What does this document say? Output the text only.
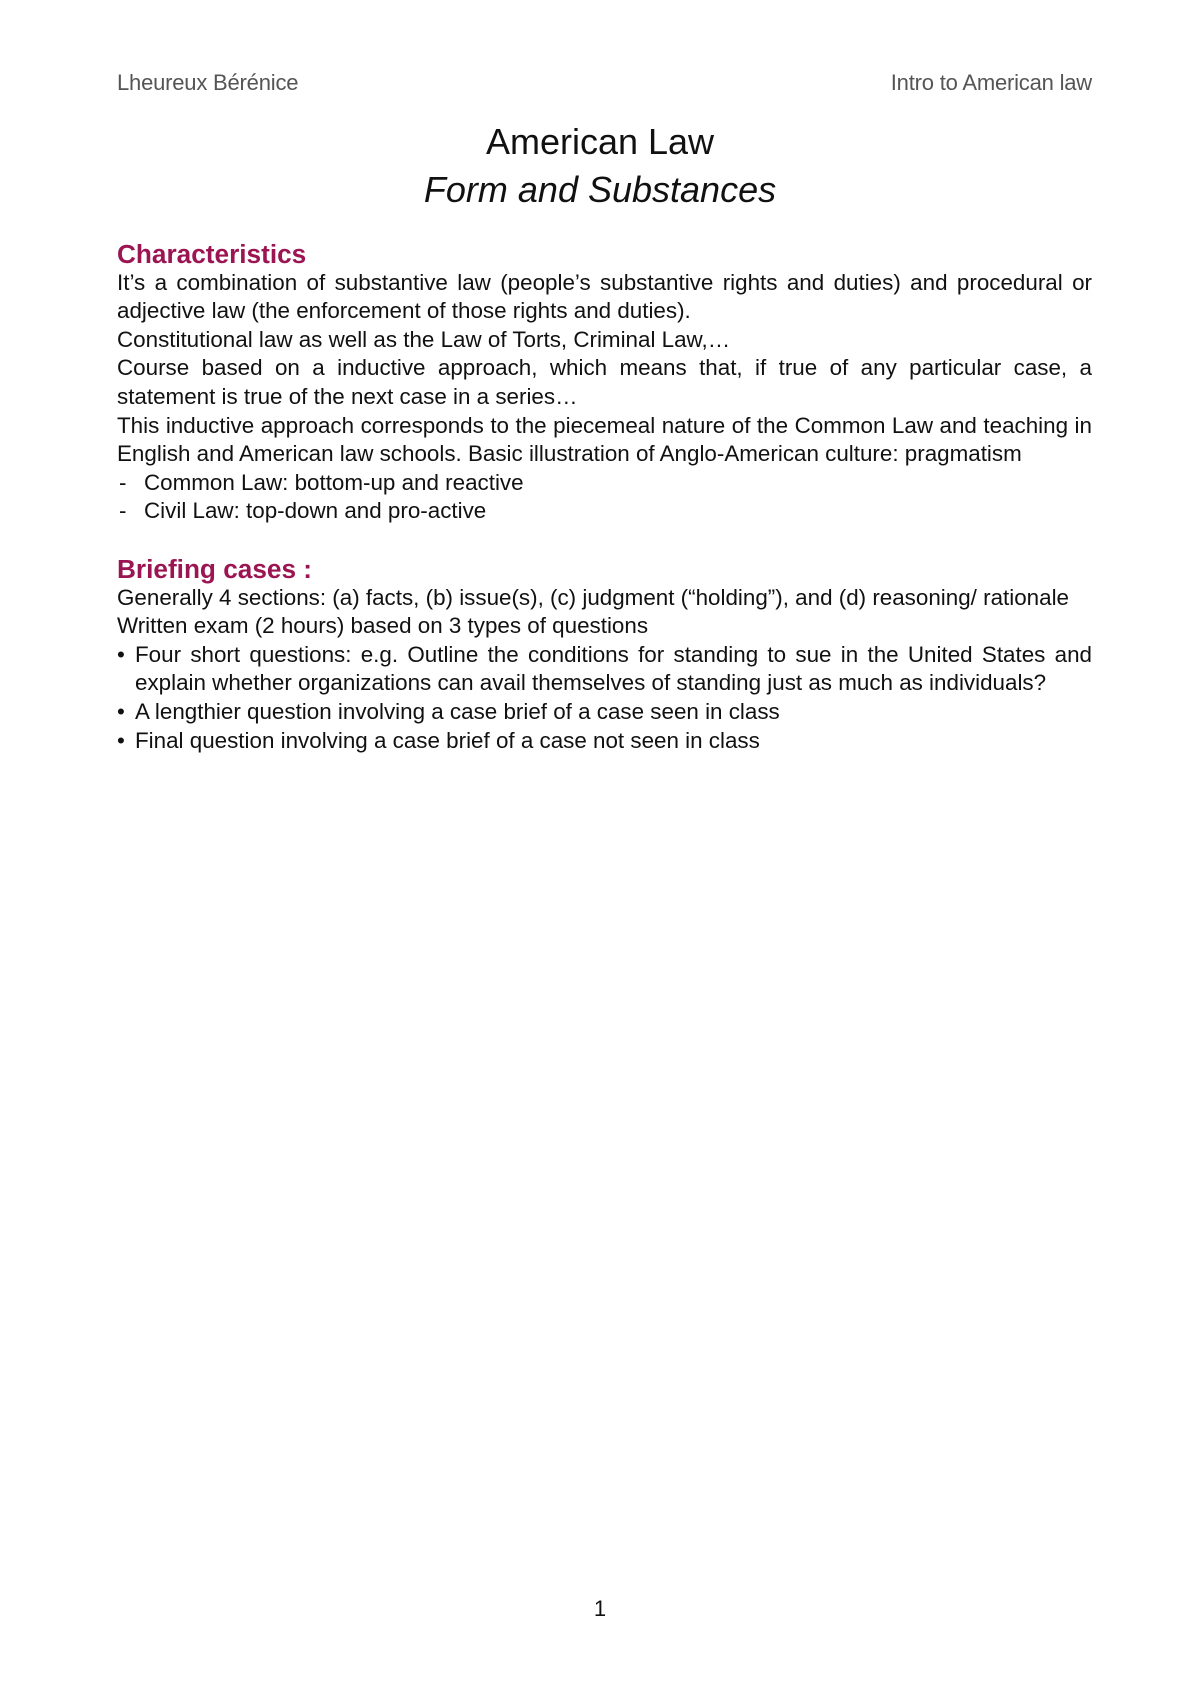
Lheureux Bérénice	Intro to American law
American Law
Form and Substances
Characteristics

It’s a combination of substantive law (people’s substantive rights and duties) and procedural or adjective law (the enforcement of those rights and duties).

Constitutional law as well as the Law of Torts, Criminal Law,…

Course based on a inductive approach, which means that, if true of any particular case, a statement is true of the next case in a series…

This inductive approach corresponds to the piecemeal nature of the Common Law and teaching in English and American law schools. Basic illustration of Anglo-American culture: pragmatism

- Common Law: bottom-up and reactive
- Civil Law: top-down and pro-active
Briefing cases :

Generally 4 sections: (a) facts, (b) issue(s), (c) judgment (“holding”), and (d) reasoning/ rationale

Written exam (2 hours) based on 3 types of questions

• Four short questions: e.g. Outline the conditions for standing to sue in the United States and explain whether organizations can avail themselves of standing just as much as individuals?
• A lengthier question involving a case brief of a case seen in class
• Final question involving a case brief of a case not seen in class
1
